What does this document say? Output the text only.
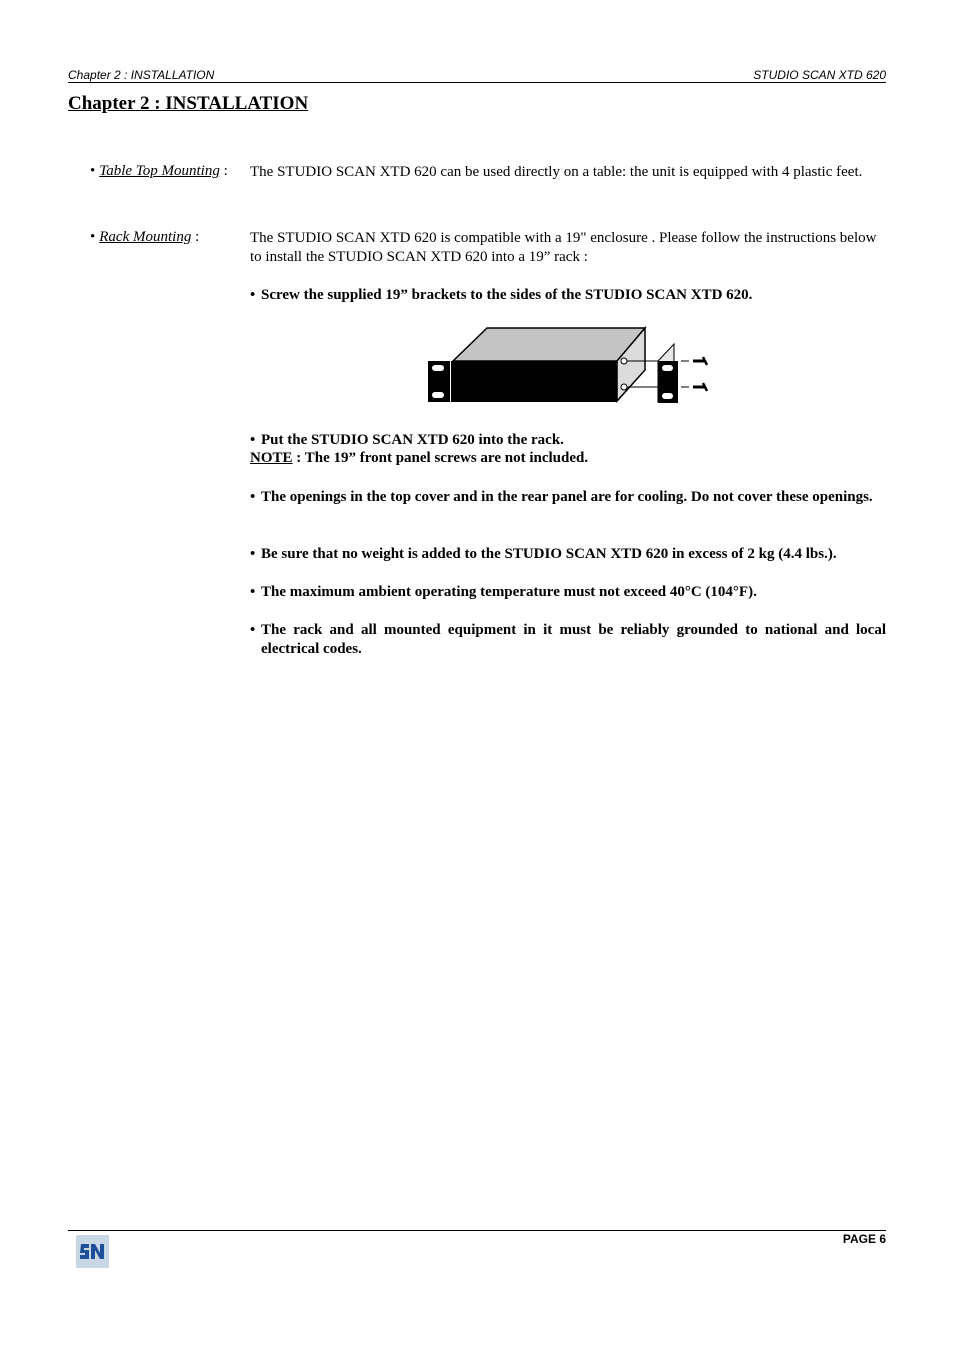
Chapter 2 : INSTALLATION	STUDIO SCAN XTD 620
Chapter 2 : INSTALLATION
• Table Top Mounting : The STUDIO SCAN XTD 620 can be used directly on a table: the unit is equipped with 4 plastic feet.
• Rack Mounting :	The STUDIO SCAN XTD 620 is compatible with a 19" enclosure . Please follow the instructions below to install the STUDIO SCAN XTD 620 into a 19” rack :
• Screw the supplied 19” brackets to the sides of the STUDIO SCAN XTD 620.
• Put the STUDIO SCAN XTD 620 into the rack.
NOTE : The 19” front panel screws are not included.
• The openings in the top cover and in the rear panel are for cooling. Do not cover these openings.
• Be sure that no weight is added to the STUDIO SCAN XTD 620 in excess of 2 kg (4.4 lbs.).
• The maximum ambient operating temperature must not exceed 40°C (104°F).
• The rack and all mounted equipment in it must be reliably grounded to national and local electrical codes.
PAGE 6
